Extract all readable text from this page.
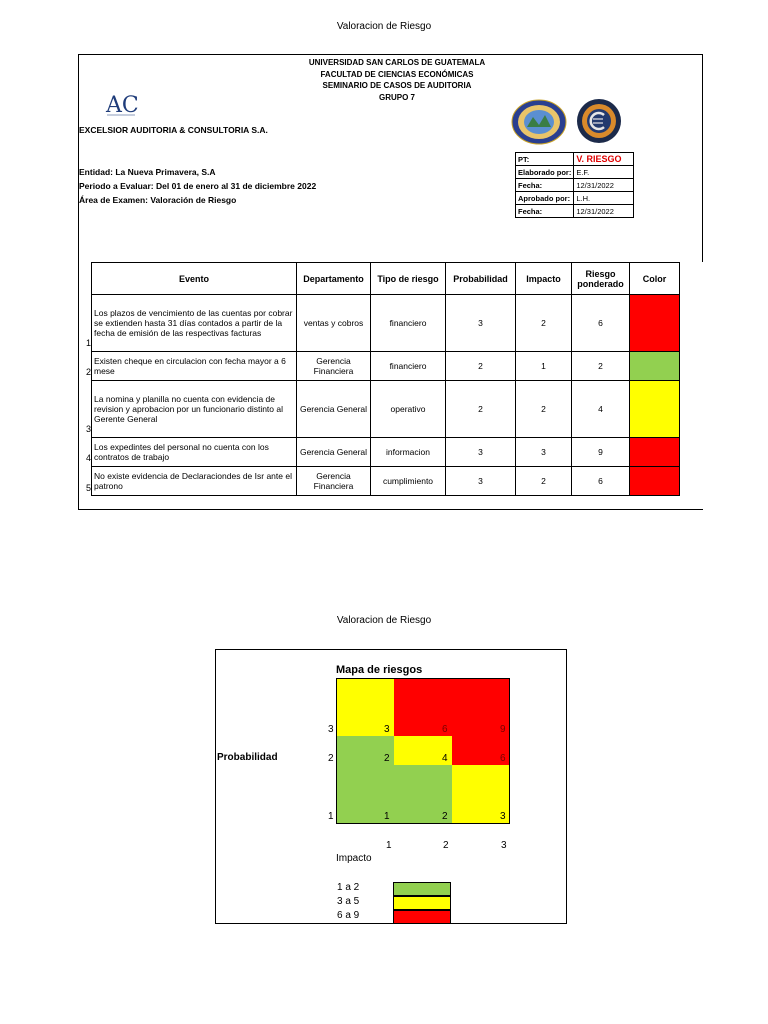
Valoracion de Riesgo
UNIVERSIDAD SAN CARLOS DE GUATEMALA
FACULTAD DE CIENCIAS ECONÓMICAS
SEMINARIO DE CASOS DE AUDITORIA
GRUPO 7
AC
EXCELSIOR AUDITORIA & CONSULTORIA S.A.
Entidad: La Nueva Primavera, S.A
Periodo a Evaluar: Del 01 de enero al 31 de diciembre 2022
Área de Examen: Valoración de Riesgo
PT:	V. RIESGO
Elaborado por:	E.F.
Fecha:	12/31/2022
Aprobado por:	L.H.
Fecha:	12/31/2022
1
2
3
4
5
Evento	Departamento	Tipo de riesgo	Probabilidad	Impacto	Riesgo ponderado	Color
Los plazos de vencimiento de las cuentas por cobrar se extienden hasta 31 días contados a partir de la fecha de emisión de las respectivas facturas	ventas y cobros	financiero	3	2	6	
Existen cheque en circulacion con fecha mayor a 6 mese	Gerencia Financiera	financiero	2	1	2	
La nomina y planilla no cuenta con evidencia de revision y aprobacion por un funcionario distinto al Gerente General	Gerencia General	operativo	2	2	4	
Los expedintes del personal no cuenta con los contratos de trabajo	Gerencia General	informacion	3	3	9	
No existe evidencia de Declaraciondes de Isr ante el patrono	Gerencia Financiera	cumplimiento	3	2	6	
Valoracion de Riesgo
Mapa de riesgos
3	6	9
2	4	6
1	2	3
3
2
1
Probabilidad
1	2	3
Impacto
1 a 2
3 a 5
6 a 9
